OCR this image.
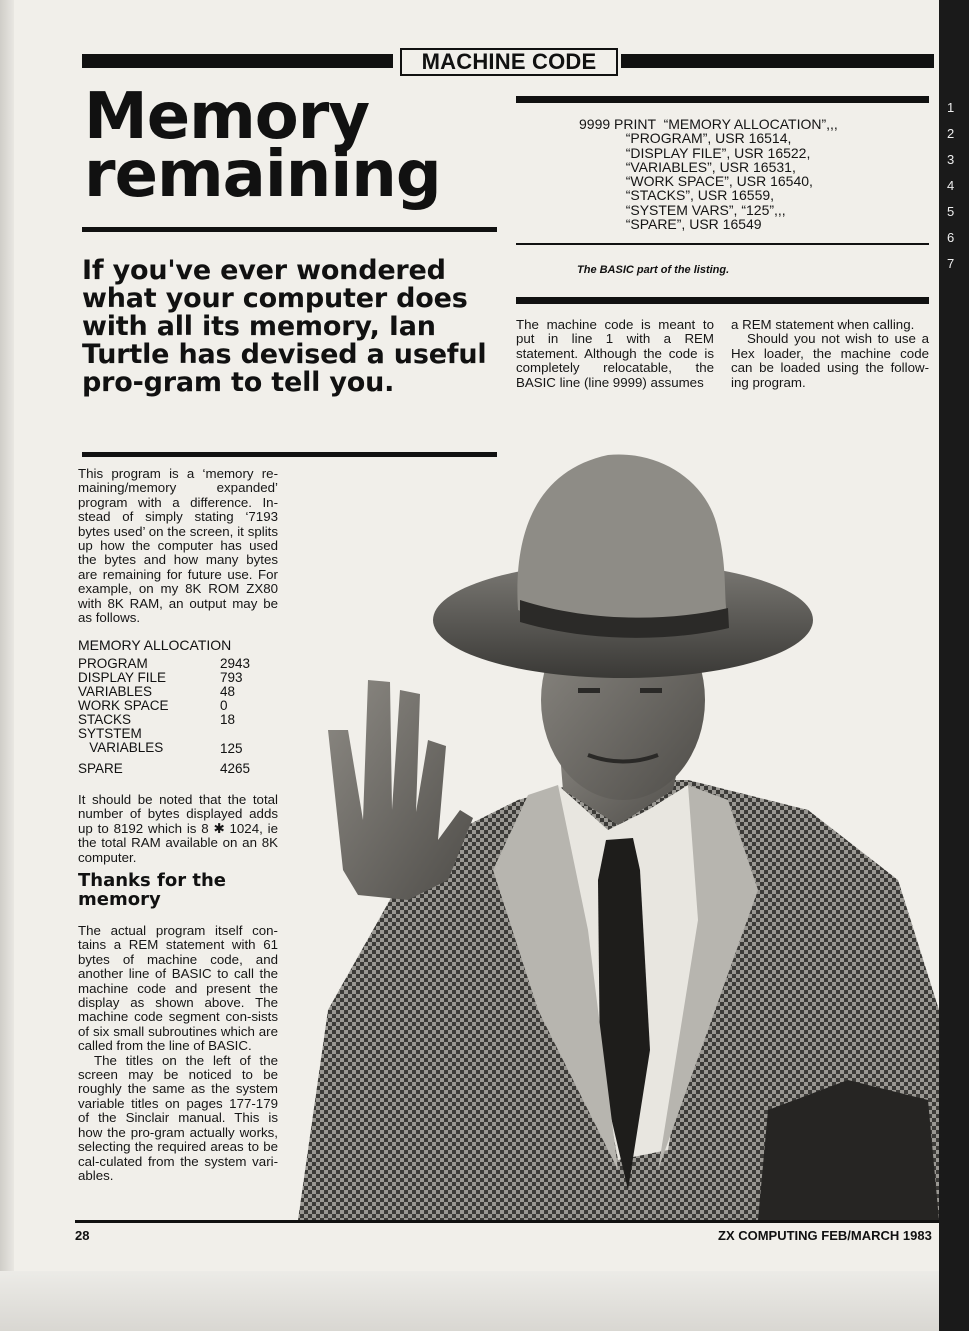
1
2
3
4
5
6
7
MACHINE CODE
Memory
remaining
If you've ever wondered what your computer does with all its memory, Ian Turtle has devised a useful pro-gram to tell you.

This program is a ‘memory re-maining/memory expanded’ program with a difference. In-stead of simply stating ‘7193 bytes used’ on the screen, it splits up how the computer has used the bytes and how many bytes are remaining for future use. For example, on my 8K ROM ZX80 with 8K RAM, an output may be as follows.

MEMORY ALLOCATION
PROGRAM	2943
DISPLAY FILE	793
VARIABLES	48
WORK SPACE	0
STACKS	18
SYTSTEM
VARIABLES	125
SPARE	4265

It should be noted that the total number of bytes displayed adds up to 8192 which is 8 ✱ 1024, ie the total RAM available on an 8K computer.

Thanks for the memory

The actual program itself con-tains a REM statement with 61 bytes of machine code, and another line of BASIC to call the machine code and present the display as shown above. The machine code segment con-sists of six small subroutines which are called from the line of BASIC.

The titles on the left of the screen may be noticed to be roughly the same as the system variable titles on pages 177-179 of the Sinclair manual. This is how the pro-gram actually works, selecting the required areas to be cal-culated from the system vari-ables.

9999 PRINT “MEMORY ALLOCATION”,,,
“PROGRAM”, USR 16514,
“DISPLAY FILE”, USR 16522,
“VARIABLES”, USR 16531,
“WORK SPACE”, USR 16540,
“STACKS”, USR 16559,
“SYSTEM VARS”, “125”,,,
“SPARE”, USR 16549
The BASIC part of the listing.

The machine code is meant to put in line 1 with a REM statement. Although the code is completely relocatable, the BASIC line (line 9999) assumes

a REM statement when calling.

Should you not wish to use a Hex loader, the machine code can be loaded using the follow-ing program.

28	ZX COMPUTING FEB/MARCH 1983
